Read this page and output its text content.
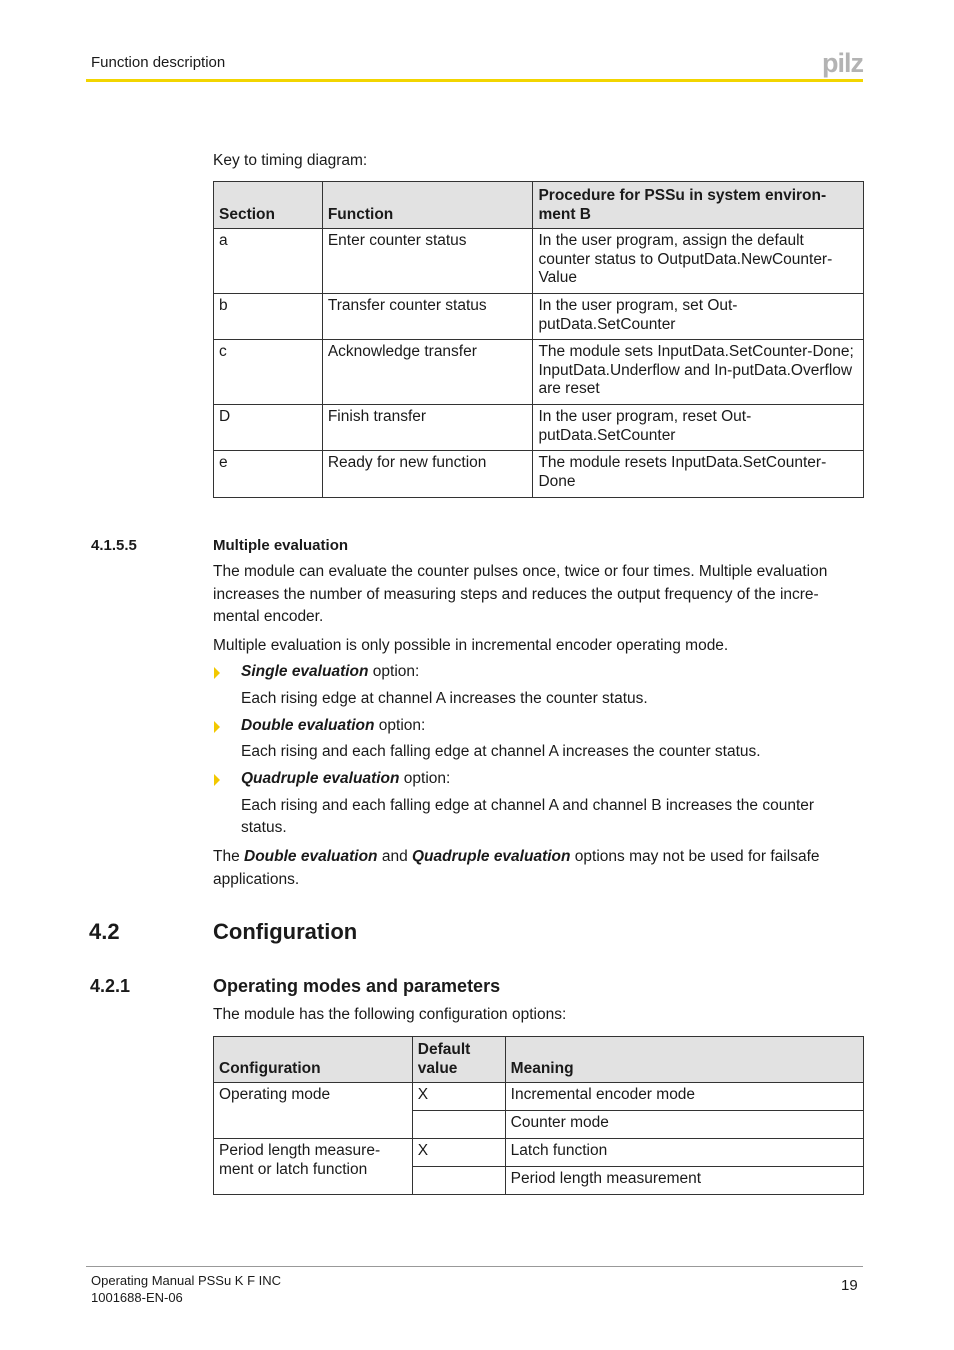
Function description	pilz
Key to timing diagram:
Section	Function	Procedure for PSSu in system environ-ment B
a	Enter counter status	In the user program, assign the default counter status to OutputData.NewCounter-Value
b	Transfer counter status	In the user program, set Out-putData.SetCounter
c	Acknowledge transfer	The module sets InputData.SetCounter-Done; InputData.Underflow and In-putData.Overflow are reset
D	Finish transfer	In the user program, reset Out-putData.SetCounter
e	Ready for new function	The module resets InputData.SetCounter-Done
4.1.5.5	Multiple evaluation
The module can evaluate the counter pulses once, twice or four times. Multiple evaluation increases the number of measuring steps and reduces the output frequency of the incre-mental encoder.
Multiple evaluation is only possible in incremental encoder operating mode.
Single evaluation option:
Each rising edge at channel A increases the counter status.
Double evaluation option:
Each rising and each falling edge at channel A increases the counter status.
Quadruple evaluation option:
Each rising and each falling edge at channel A and channel B increases the counter status.
The Double evaluation and Quadruple evaluation options may not be used for failsafe applications.
4.2	Configuration
4.2.1	Operating modes and parameters
The module has the following configuration options:
Configuration	Default value	Meaning
Operating mode	X	Incremental encoder mode
		Counter mode
Period length measure-ment or latch function	X	Latch function
		Period length measurement
Operating Manual PSSu K F INC
1001688-EN-06
19
